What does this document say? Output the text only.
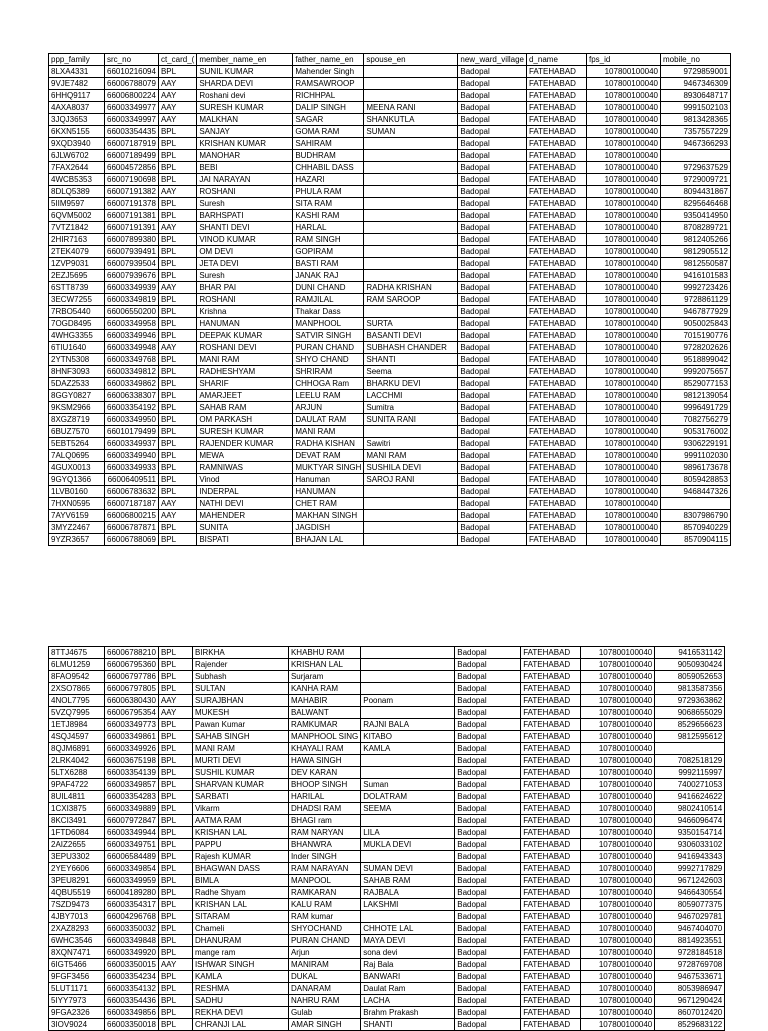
ppp_family	src_no	ct_card_(	member_name_en	father_name_en	spouse_en	new_ward_village	d_name	fps_id	mobile_no
8LXA4331	66010216094	BPL	SUNIL KUMAR	Mahender Singh		Badopal	FATEHABAD	107800100040	9729859001
9VJE7482	66006788079	AAY	SHARDA DEVI	RAMSAWROOP		Badopal	FATEHABAD	107800100040	9467346309
6HHQ9117	66006800224	AAY	Roshani devi	RICHHPAL		Badopal	FATEHABAD	107800100040	8930648717
4AXA8037	66003349977	AAY	SURESH KUMAR	DALIP SINGH	MEENA RANI	Badopal	FATEHABAD	107800100040	9991502103
3JQJ3653	66003349997	AAY	MALKHAN	SAGAR	SHANKUTLA	Badopal	FATEHABAD	107800100040	9813428365
6KXN5155	66003354435	BPL	SANJAY	GOMA RAM	SUMAN	Badopal	FATEHABAD	107800100040	7357557229
9XQD3940	66007187919	BPL	KRISHAN KUMAR	SAHIRAM		Badopal	FATEHABAD	107800100040	9467366293
6JLW6702	66007189499	BPL	MANOHAR	BUDHRAM		Badopal	FATEHABAD	107800100040	
7FAX2644	66004572856	BPL	BEBI	CHHABIL DASS		Badopal	FATEHABAD	107800100040	9729637529
4WCB5353	66007190698	BPL	JAI NARAYAN	HAZARI		Badopal	FATEHABAD	107800100040	9729009721
8DLQ5389	66007191382	AAY	ROSHANI	PHULA RAM		Badopal	FATEHABAD	107800100040	8094431867
5IIM9597	66007191378	BPL	Suresh	SITA RAM		Badopal	FATEHABAD	107800100040	8295646468
6QVM5002	66007191381	BPL	BARHSPATI	KASHI RAM		Badopal	FATEHABAD	107800100040	9350414950
7VTZ1842	66007191391	AAY	SHANTI DEVI	HARLAL		Badopal	FATEHABAD	107800100040	8708289721
2HIR7163	66007899380	BPL	VINOD KUMAR	RAM SINGH		Badopal	FATEHABAD	107800100040	9812405266
2TEK4079	66007939491	BPL	OM DEVI	GOPIRAM		Badopal	FATEHABAD	107800100040	9812905512
1ZVP9031	66007939504	BPL	JETA DEVI	BASTI RAM		Badopal	FATEHABAD	107800100040	9812550587
2EZJ5695	66007939676	BPL	Suresh	JANAK RAJ		Badopal	FATEHABAD	107800100040	9416101583
6STT8739	66003349939	AAY	BHAR PAI	DUNI CHAND	RADHA KRISHAN	Badopal	FATEHABAD	107800100040	9992723426
3ECW7255	66003349819	BPL	ROSHANI	RAMJILAL	RAM SAROOP	Badopal	FATEHABAD	107800100040	9728861129
7RBO5440	66006550200	BPL	Krishna	Thakar Dass		Badopal	FATEHABAD	107800100040	9467877929
7OGD8495	66003349958	BPL	HANUMAN	MANPHOOL	SURTA	Badopal	FATEHABAD	107800100040	9050025843
4WHG3355	66003349946	BPL	DEEPAK KUMAR	SATVIR SINGH	BASANTI DEVI	Badopal	FATEHABAD	107800100040	7015190776
6TIU1640	66003349948	AAY	ROSHANI DEVI	PURAN CHAND	SUBHASH CHANDER	Badopal	FATEHABAD	107800100040	9728202626
2YTN5308	66003349768	BPL	MANI RAM	SHYO CHAND	SHANTI	Badopal	FATEHABAD	107800100040	9518899042
8HNF3093	66003349812	BPL	RADHESHYAM	SHRIRAM	Seema	Badopal	FATEHABAD	107800100040	9992075657
5DAZ2533	66003349862	BPL	SHARIF	CHHOGA Ram	BHARKU DEVI	Badopal	FATEHABAD	107800100040	8529077153
8GGY0827	66006338307	BPL	AMARJEET	LEELU RAM	LACCHMI	Badopal	FATEHABAD	107800100040	9812139054
9KSM2966	66003354192	BPL	SAHAB RAM	ARJUN	Sumitra	Badopal	FATEHABAD	107800100040	9996491729
8XGZ8719	66003349950	BPL	OM PARKASH	DAULAT RAM	SUNITA RANI	Badopal	FATEHABAD	107800100040	7082756279
6BUZ7570	66010179499	BPL	SURESH KUMAR	MANI RAM		Badopal	FATEHABAD	107800100040	9053176002
5EBT5264	66003349937	BPL	RAJENDER KUMAR	RADHA KISHAN	Sawitri	Badopal	FATEHABAD	107800100040	9306229191
7ALQ0695	66003349940	BPL	MEWA	DEVAT RAM	MANI RAM	Badopal	FATEHABAD	107800100040	9991102030
4GUX0013	66003349933	BPL	RAMNIWAS	MUKTYAR SINGH	SUSHILA DEVI	Badopal	FATEHABAD	107800100040	9896173678
9GYQ1366	66006409511	BPL	Vinod	Hanuman	SAROJ RANI	Badopal	FATEHABAD	107800100040	8059428853
1LVB0160	66006783632	BPL	INDERPAL	HANUMAN		Badopal	FATEHABAD	107800100040	9468447326
7HXN0595	66007187187	AAY	NATHI DEVI	CHET RAM		Badopal	FATEHABAD	107800100040	
7AYV6159	66006800215	AAY	MAHENDER	MAKHAN SINGH		Badopal	FATEHABAD	107800100040	8307986790
3MYZ2467	66006787871	BPL	SUNITA	JAGDISH		Badopal	FATEHABAD	107800100040	8570940229
9YZR3657	66006788069	BPL	BISPATI	BHAJAN LAL		Badopal	FATEHABAD	107800100040	8570904115
8TTJ4675	66006788210	BPL	BIRKHA	KHABHU RAM		Badopal	FATEHABAD	107800100040	9416531142
6LMU1259	66006795360	BPL	Rajender	KRISHAN LAL		Badopal	FATEHABAD	107800100040	9050930424
8FAO9542	66006797786	BPL	Subhash	Surjaram		Badopal	FATEHABAD	107800100040	8059052653
2XSO7865	66006797805	BPL	SULTAN	KANHA RAM		Badopal	FATEHABAD	107800100040	9813587356
4NOL7795	66006380430	AAY	SURAJBHAN	MAHABIR	Poonam	Badopal	FATEHABAD	107800100040	9729363862
5VZQ7995	66006795354	AAY	MUKESH	BALWANT		Badopal	FATEHABAD	107800100040	9068655029
1ETJ8984	66003349773	BPL	Pawan Kumar	RAMKUMAR	RAJNI BALA	Badopal	FATEHABAD	107800100040	8529656623
4SQJ4597	66003349861	BPL	SAHAB SINGH	MANPHOOL SING	KITABO	Badopal	FATEHABAD	107800100040	9812595612
8QJM6891	66003349926	BPL	MANI RAM	KHAYALI RAM	KAMLA	Badopal	FATEHABAD	107800100040	
2LRK4042	66003675198	BPL	MURTI DEVI	HAWA SINGH		Badopal	FATEHABAD	107800100040	7082518129
5LTX6288	66003354139	BPL	SUSHIL KUMAR	DEV KARAN		Badopal	FATEHABAD	107800100040	9992115997
9PAF4722	66003349857	BPL	SHARVAN KUMAR	BHOOP SINGH	Suman	Badopal	FATEHABAD	107800100040	7400271053
8UIL4811	66003354283	BPL	SARBATI	HARILAL	DOLATRAM	Badopal	FATEHABAD	107800100040	9416624622
1CXI3875	66003349889	BPL	Vikarm	DHADSI RAM	SEEMA	Badopal	FATEHABAD	107800100040	9802410514
8KCI3491	66007972847	BPL	AATMA RAM	BHAGI ram		Badopal	FATEHABAD	107800100040	9466096474
1FTD6084	66003349944	BPL	KRISHAN LAL	RAM NARYAN	LILA	Badopal	FATEHABAD	107800100040	9350154714
2AIZ2655	66003349751	BPL	PAPPU	BHANWRA	MUKLA DEVI	Badopal	FATEHABAD	107800100040	9306033102
3EPU3302	66006584489	BPL	Rajesh KUMAR	Inder SINGH		Badopal	FATEHABAD	107800100040	9416943343
2YEY6606	66003349854	BPL	BHAGWAN DASS	RAM NARAYAN	SUMAN DEVI	Badopal	FATEHABAD	107800100040	9992717829
3PEU8291	66003349959	BPL	BIMLA	MANPOOL	SAHAB RAM	Badopal	FATEHABAD	107800100040	9671242603
4QBU5519	66004189280	BPL	Radhe Shyam	RAMKARAN	RAJBALA	Badopal	FATEHABAD	107800100040	9466430554
7SZD9473	66003354317	BPL	KRISHAN LAL	KALU RAM	LAKSHMI	Badopal	FATEHABAD	107800100040	8059077375
4JBY7013	66004296768	BPL	SITARAM	RAM kumar		Badopal	FATEHABAD	107800100040	9467029781
2XAZ8293	66003350032	BPL	Chameli	SHYOCHAND	CHHOTE LAL	Badopal	FATEHABAD	107800100040	9467404070
6WHC3546	66003349848	BPL	DHANURAM	PURAN CHAND	MAYA DEVI	Badopal	FATEHABAD	107800100040	8814923551
8XQN7471	66003349920	BPL	mange ram	Arjun	sona devi	Badopal	FATEHABAD	107800100040	9728184518
6IGT5466	66003350015	AAY	ISHWAR SINGH	MANIRAM	Raj Bala	Badopal	FATEHABAD	107800100040	9728769708
9FGF3456	66003354234	BPL	KAMLA	DUKAL	BANWARI	Badopal	FATEHABAD	107800100040	9467533671
5LUT1171	66003354132	BPL	RESHMA	DANARAM	Daulat Ram	Badopal	FATEHABAD	107800100040	8053986947
5IYY7973	66003354436	BPL	SADHU	NAHRU RAM	LACHA	Badopal	FATEHABAD	107800100040	9671290424
9FGA2326	66003349856	BPL	REKHA DEVI	Gulab	Brahm Prakash	Badopal	FATEHABAD	107800100040	8607012420
3IOV9024	66003350018	BPL	CHRANJI LAL	AMAR SINGH	SHANTI	Badopal	FATEHABAD	107800100040	8529683122
